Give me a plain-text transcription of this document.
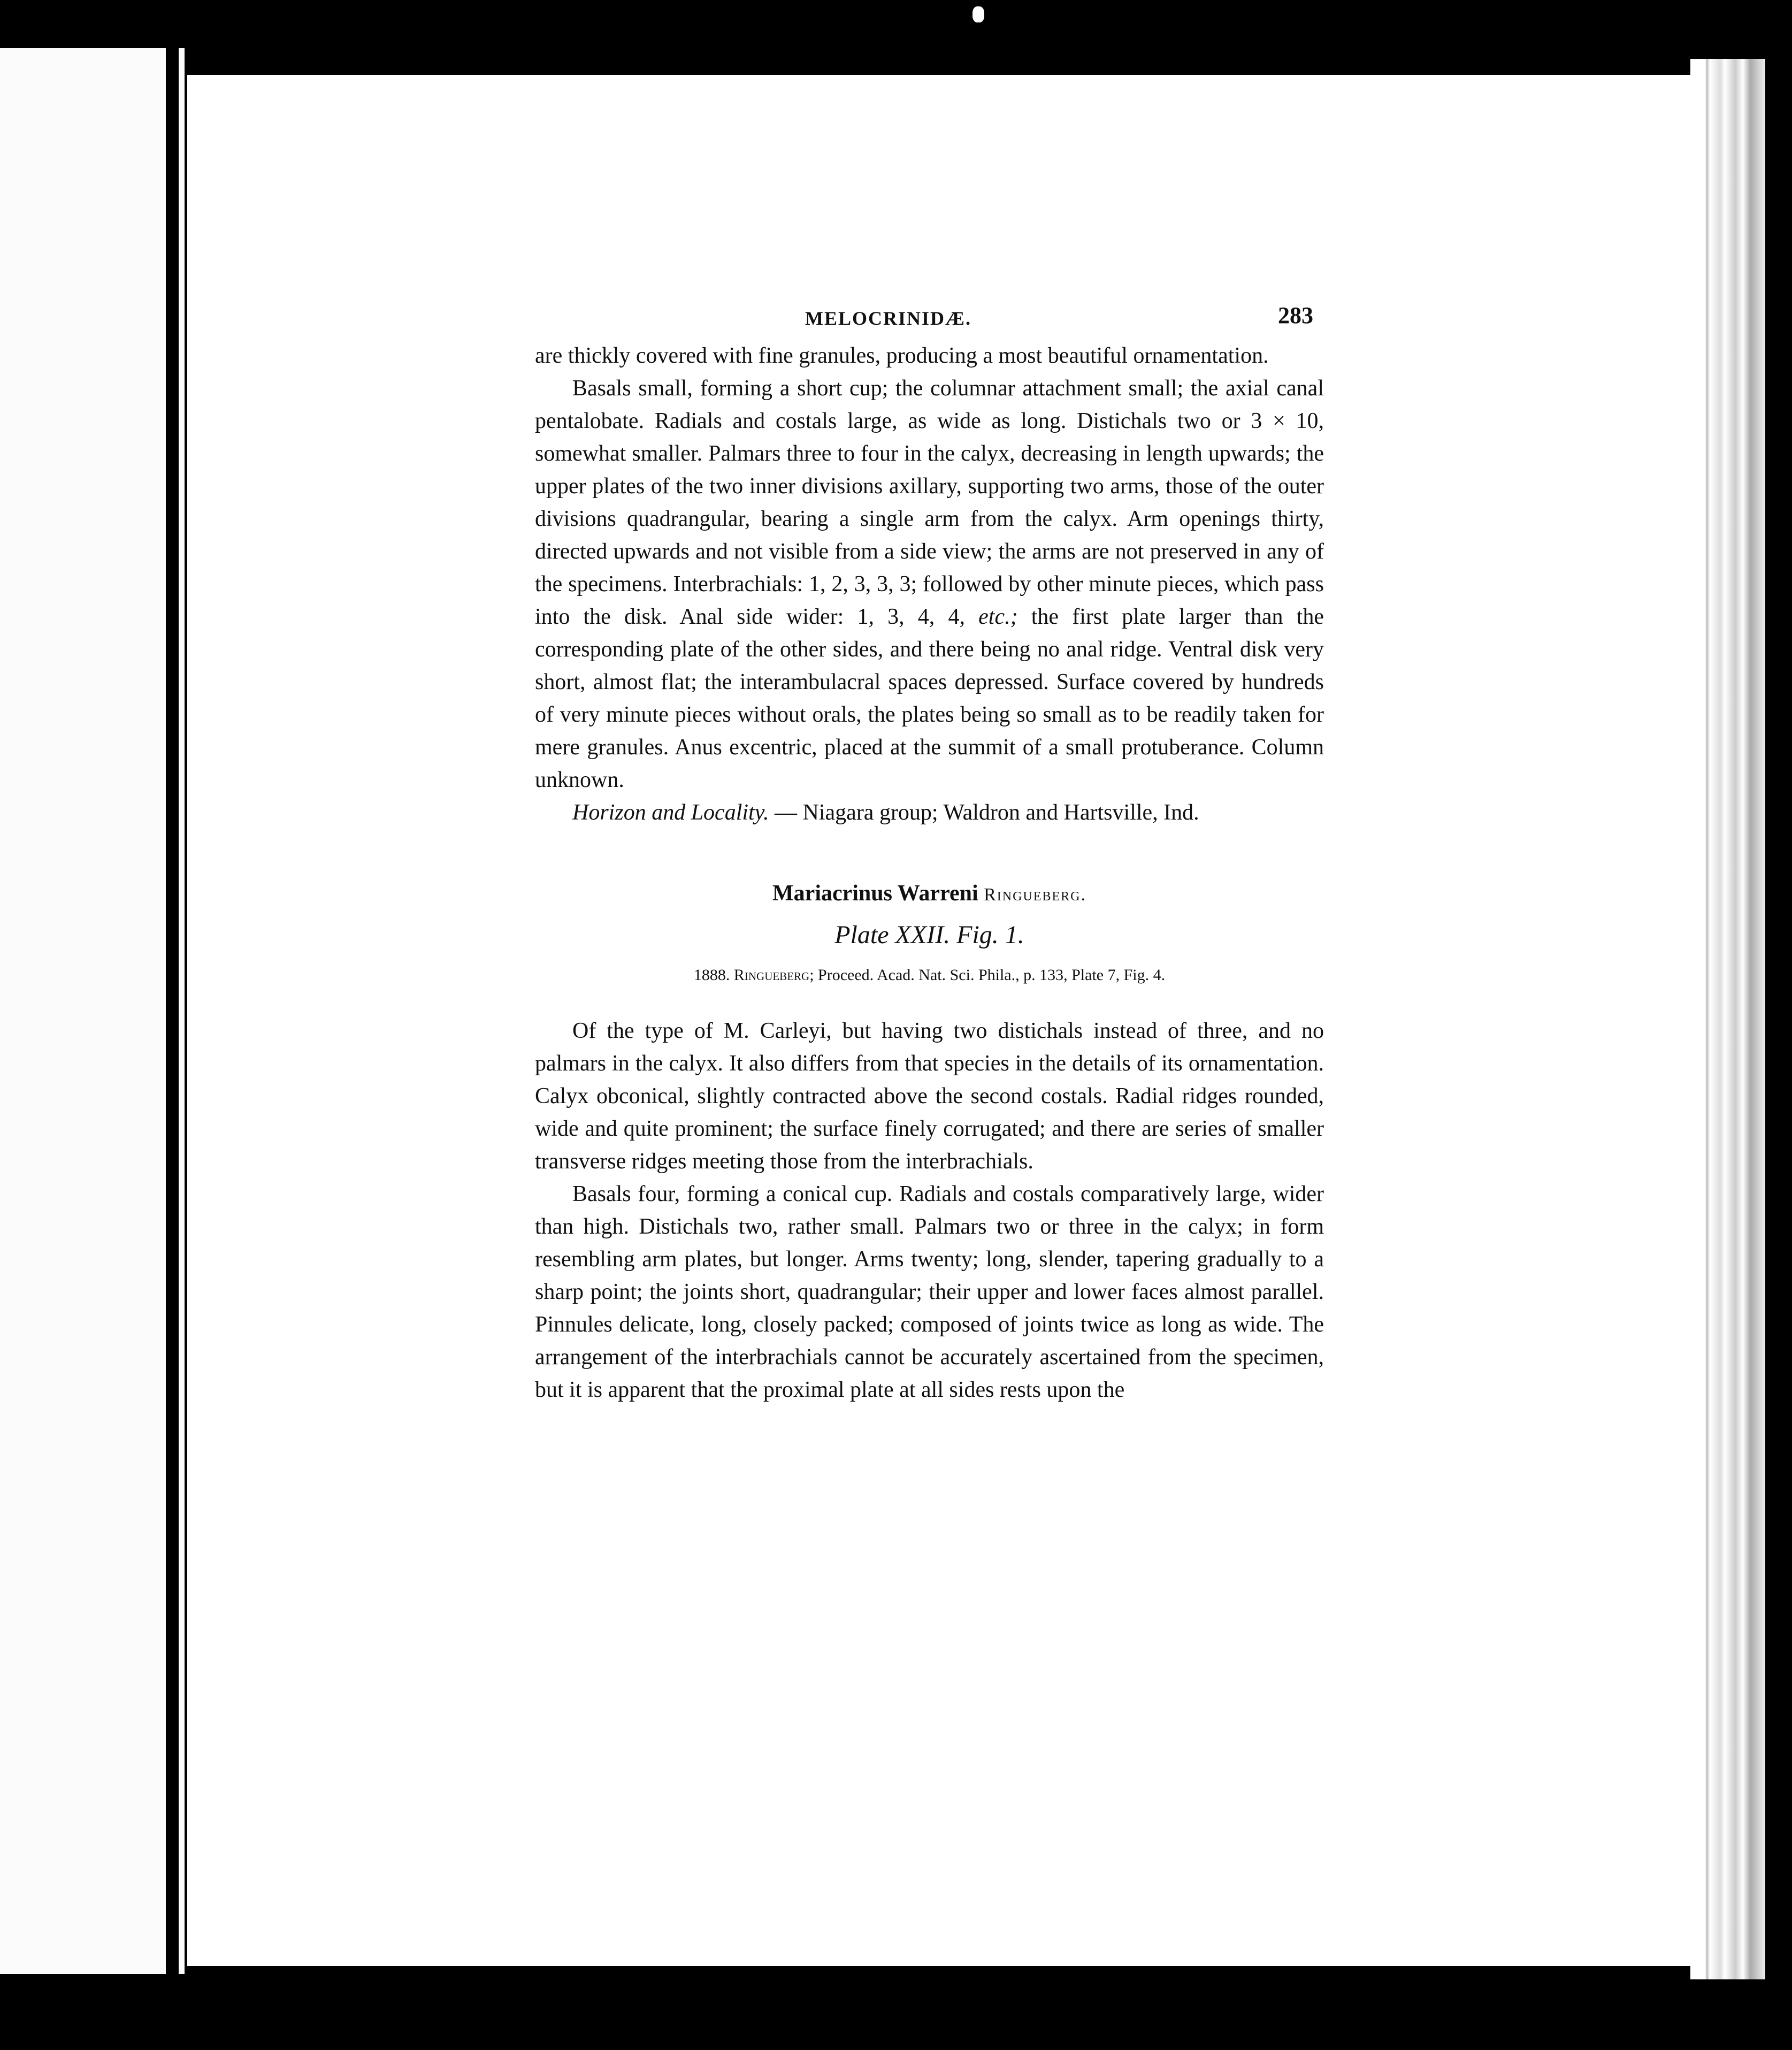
MELOCRINIDÆ.	283

are thickly covered with fine granules, producing a most beautiful ornamentation.

Basals small, forming a short cup; the columnar attachment small; the axial canal pentalobate. Radials and costals large, as wide as long. Distichals two or 3 × 10, somewhat smaller. Palmars three to four in the calyx, decreasing in length upwards; the upper plates of the two inner divisions axillary, supporting two arms, those of the outer divisions quadrangular, bearing a single arm from the calyx. Arm openings thirty, directed upwards and not visible from a side view; the arms are not preserved in any of the specimens. Interbrachials: 1, 2, 3, 3, 3; followed by other minute pieces, which pass into the disk. Anal side wider: 1, 3, 4, 4, etc.; the first plate larger than the corresponding plate of the other sides, and there being no anal ridge. Ventral disk very short, almost flat; the interambulacral spaces depressed. Surface covered by hundreds of very minute pieces without orals, the plates being so small as to be readily taken for mere granules. Anus excentric, placed at the summit of a small protuberance. Column unknown.

Horizon and Locality. — Niagara group; Waldron and Hartsville, Ind.

Mariacrinus Warreni Ringueberg.
Plate XXII. Fig. 1.
1888. Ringueberg; Proceed. Acad. Nat. Sci. Phila., p. 133, Plate 7, Fig. 4.

Of the type of M. Carleyi, but having two distichals instead of three, and no palmars in the calyx. It also differs from that species in the details of its ornamentation. Calyx obconical, slightly contracted above the second costals. Radial ridges rounded, wide and quite prominent; the surface finely corrugated; and there are series of smaller transverse ridges meeting those from the interbrachials.

Basals four, forming a conical cup. Radials and costals comparatively large, wider than high. Distichals two, rather small. Palmars two or three in the calyx; in form resembling arm plates, but longer. Arms twenty; long, slender, tapering gradually to a sharp point; the joints short, quadrangular; their upper and lower faces almost parallel. Pinnules delicate, long, closely packed; composed of joints twice as long as wide. The arrangement of the interbrachials cannot be accurately ascertained from the specimen, but it is apparent that the proximal plate at all sides rests upon the
